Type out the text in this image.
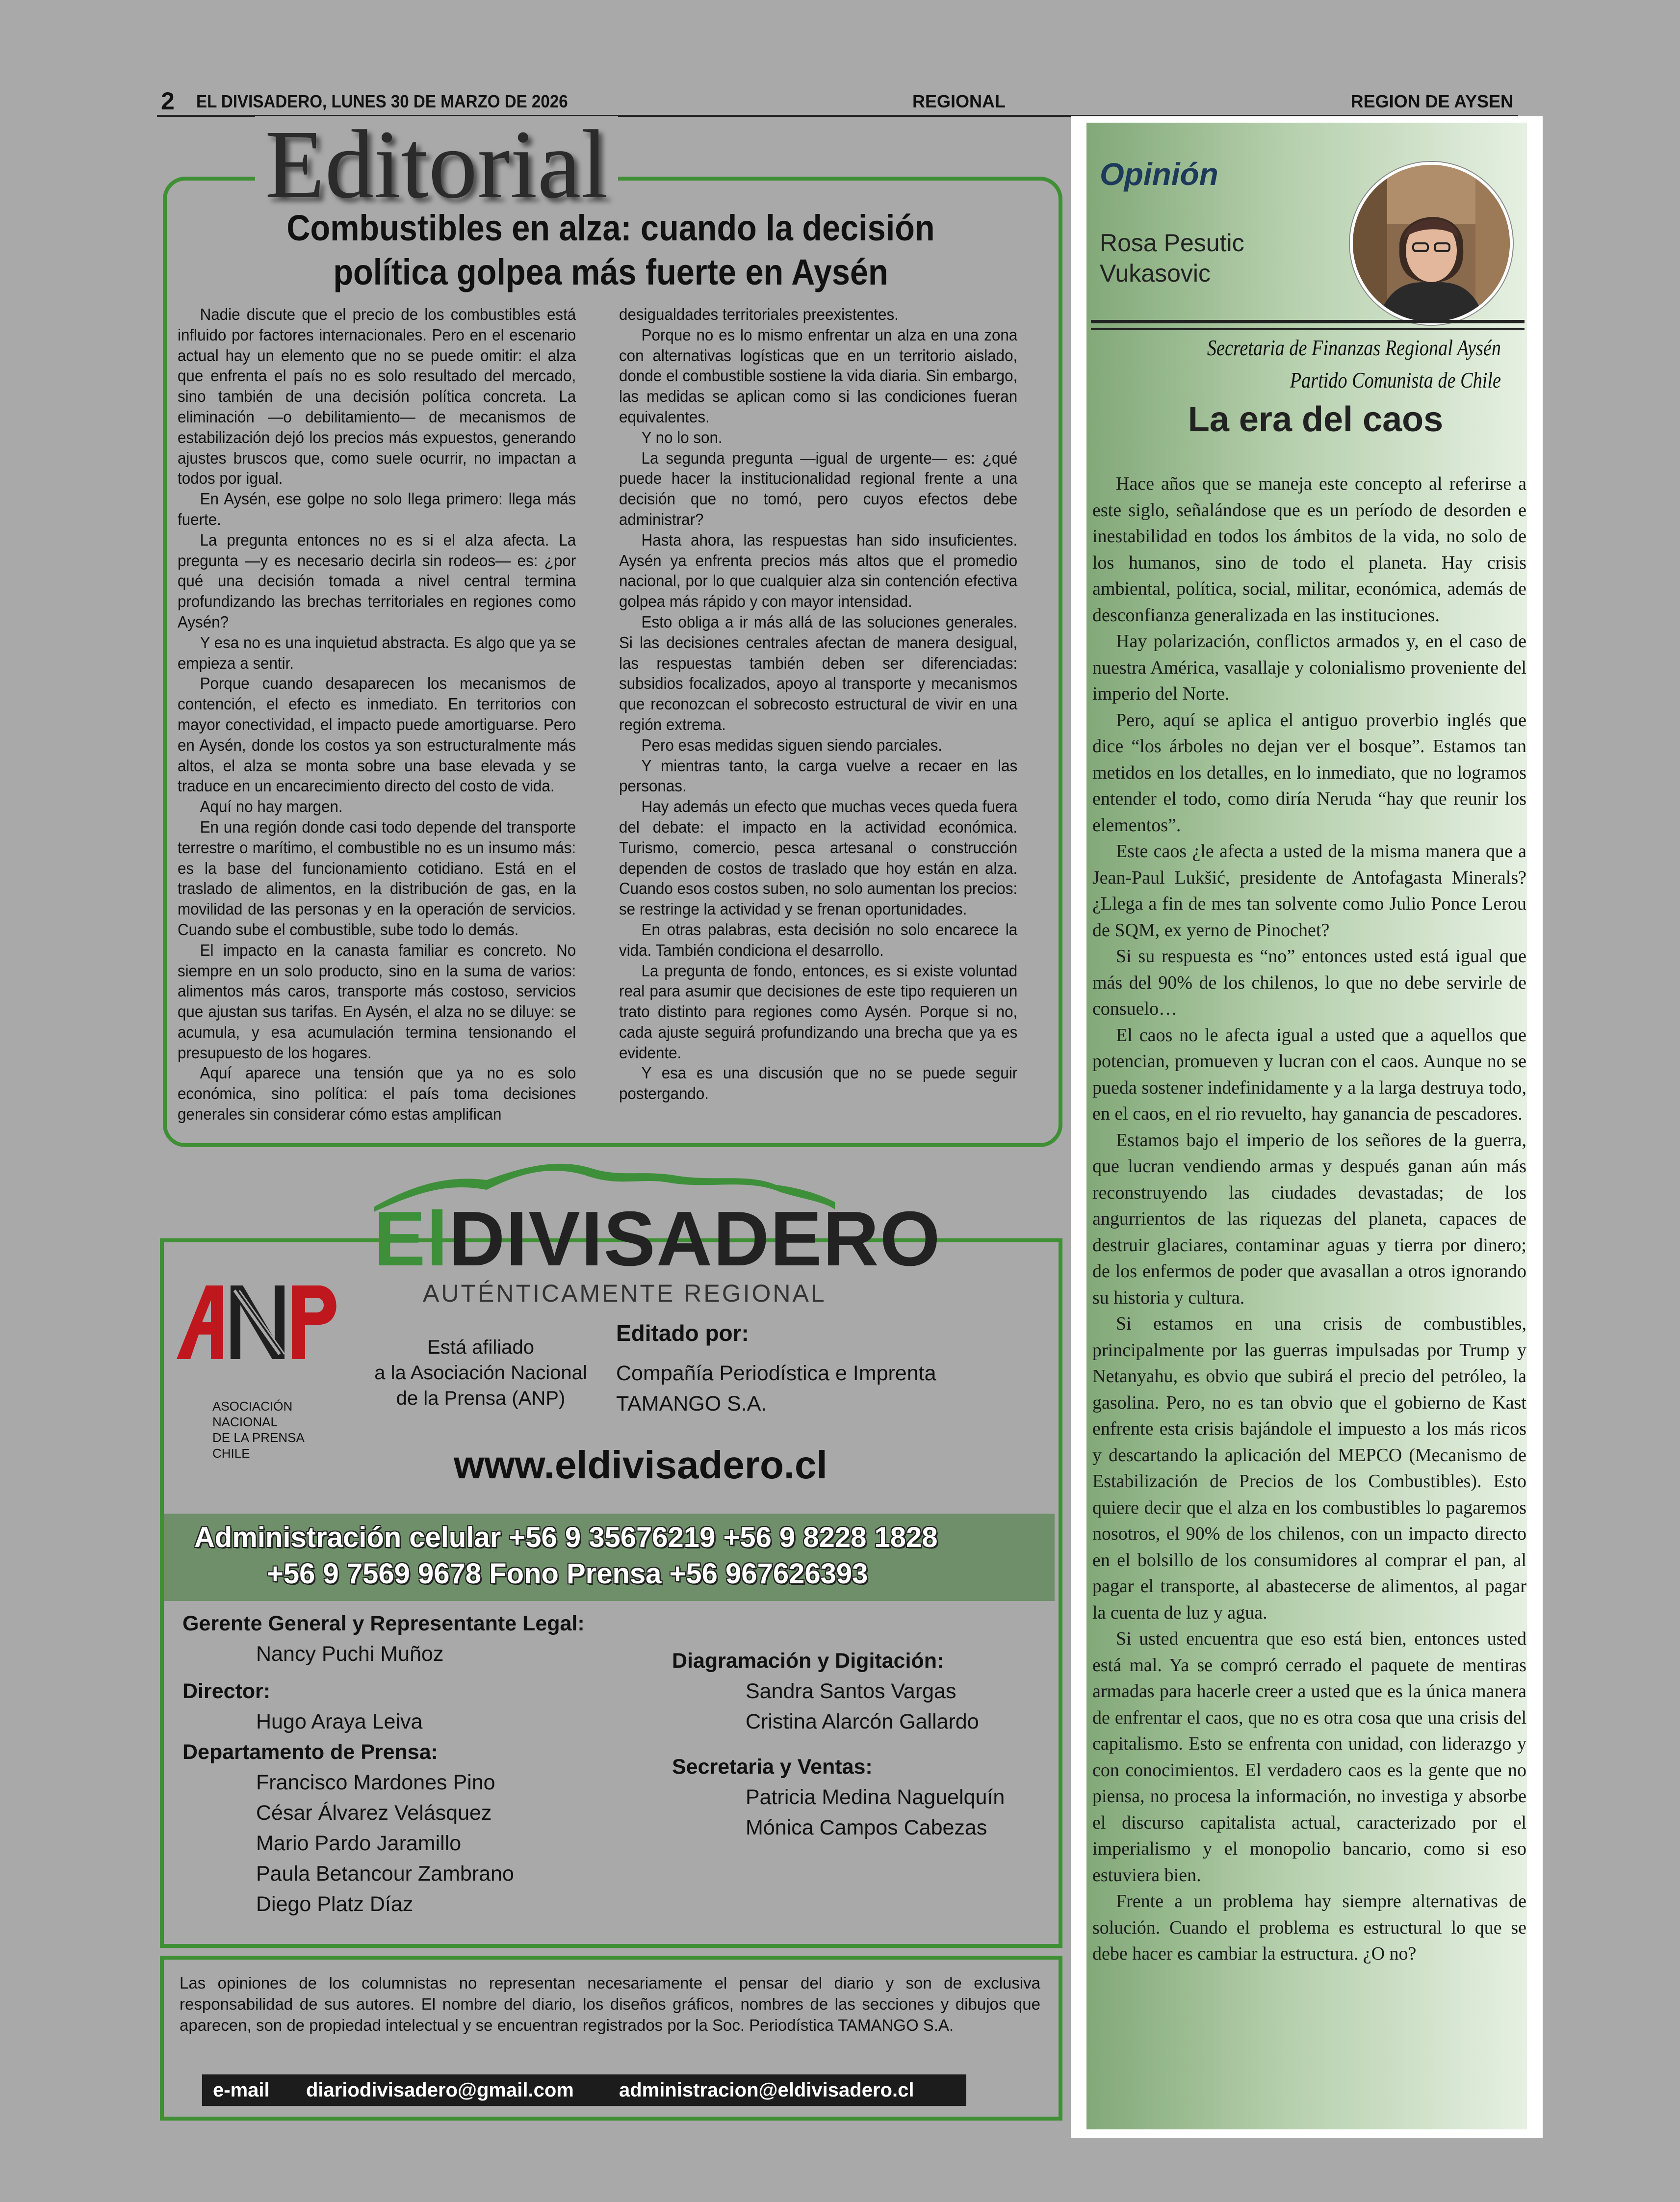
2 EL DIVISADERO, LUNES 30 DE MARZO DE 2026	REGIONAL	REGION DE AYSEN
Editorial
Combustibles en alza: cuando la decisión
política golpea más fuerte en Aysén

Nadie discute que el precio de los combustibles está influido por factores internacionales. Pero en el escenario actual hay un elemento que no se puede omitir: el alza que enfrenta el país no es solo resultado del mercado, sino también de una decisión política concreta. La eliminación —o debilitamiento— de mecanismos de estabilización dejó los precios más expuestos, generando ajustes bruscos que, como suele ocurrir, no impactan a todos por igual.

En Aysén, ese golpe no solo llega primero: llega más fuerte.

La pregunta entonces no es si el alza afecta. La pregunta —y es necesario decirla sin rodeos— es: ¿por qué una decisión tomada a nivel central termina profundizando las brechas territoriales en regiones como Aysén?

Y esa no es una inquietud abstracta. Es algo que ya se empieza a sentir.

Porque cuando desaparecen los mecanismos de contención, el efecto es inmediato. En territorios con mayor conectividad, el impacto puede amortiguarse. Pero en Aysén, donde los costos ya son estructuralmente más altos, el alza se monta sobre una base elevada y se traduce en un encarecimiento directo del costo de vida.

Aquí no hay margen.

En una región donde casi todo depende del transporte terrestre o marítimo, el combustible no es un insumo más: es la base del funcionamiento cotidiano. Está en el traslado de alimentos, en la distribución de gas, en la movilidad de las personas y en la operación de servicios. Cuando sube el combustible, sube todo lo demás.

El impacto en la canasta familiar es concreto. No siempre en un solo producto, sino en la suma de varios: alimentos más caros, transporte más costoso, servicios que ajustan sus tarifas. En Aysén, el alza no se diluye: se acumula, y esa acumulación termina tensionando el presupuesto de los hogares.

Aquí aparece una tensión que ya no es solo económica, sino política: el país toma decisiones generales sin considerar cómo estas amplifican

desigualdades territoriales preexistentes.

Porque no es lo mismo enfrentar un alza en una zona con alternativas logísticas que en un territorio aislado, donde el combustible sostiene la vida diaria. Sin embargo, las medidas se aplican como si las condiciones fueran equivalentes.

Y no lo son.

La segunda pregunta —igual de urgente— es: ¿qué puede hacer la institucionalidad regional frente a una decisión que no tomó, pero cuyos efectos debe administrar?

Hasta ahora, las respuestas han sido insuficientes. Aysén ya enfrenta precios más altos que el promedio nacional, por lo que cualquier alza sin contención efectiva golpea más rápido y con mayor intensidad.

Esto obliga a ir más allá de las soluciones generales. Si las decisiones centrales afectan de manera desigual, las respuestas también deben ser diferenciadas: subsidios focalizados, apoyo al transporte y mecanismos que reconozcan el sobrecosto estructural de vivir en una región extrema.

Pero esas medidas siguen siendo parciales.

Y mientras tanto, la carga vuelve a recaer en las personas.

Hay además un efecto que muchas veces queda fuera del debate: el impacto en la actividad económica. Turismo, comercio, pesca artesanal o construcción dependen de costos de traslado que hoy están en alza. Cuando esos costos suben, no solo aumentan los precios: se restringe la actividad y se frenan oportunidades.

En otras palabras, esta decisión no solo encarece la vida. También condiciona el desarrollo.

La pregunta de fondo, entonces, es si existe voluntad real para asumir que decisiones de este tipo requieren un trato distinto para regiones como Aysén. Porque si no, cada ajuste seguirá profundizando una brecha que ya es evidente.

Y esa es una discusión que no se puede seguir postergando.

ElDIVISADERO
AUTÉNTICAMENTE REGIONAL
ASOCIACIÓN
NACIONAL
DE LA PRENSA
CHILE
Está afiliado
a la Asociación Nacional
de la Prensa (ANP)
Editado por:
Compañía Periodística e Imprenta
TAMANGO S.A.
www.eldivisadero.cl
Administración celular +56 9 35676219 +56 9 8228 1828
+56 9 7569 9678 Fono Prensa +56 967626393
Gerente General y Representante Legal:
Nancy Puchi Muñoz
Director:
Hugo Araya Leiva
Departamento de Prensa:
Francisco Mardones Pino
César Álvarez Velásquez
Mario Pardo Jaramillo
Paula Betancour Zambrano
Diego Platz Díaz
Diagramación y Digitación:
Sandra Santos Vargas
Cristina Alarcón Gallardo
Secretaria y Ventas:
Patricia Medina Naguelquín
Mónica Campos Cabezas
Las opiniones de los columnistas no representan necesariamente el pensar del diario y son de exclusiva responsabilidad de sus autores. El nombre del diario, los diseños gráficos, nombres de las secciones y dibujos que aparecen, son de propiedad intelectual y se encuentran registrados por la Soc. Periodística TAMANGO S.A.
e-mail diariodivisadero@gmail.com administracion@eldivisadero.cl
Opinión
Rosa Pesutic
Vukasovic
Secretaria de Finanzas Regional Aysén
Partido Comunista de Chile
La era del caos

Hace años que se maneja este concepto al referirse a este siglo, señalándose que es un período de desorden e inestabilidad en todos los ámbitos de la vida, no solo de los humanos, sino de todo el planeta. Hay crisis ambiental, política, social, militar, económica, además de desconfianza generalizada en las instituciones.

Hay polarización, conflictos armados y, en el caso de nuestra América, vasallaje y colonialismo proveniente del imperio del Norte.

Pero, aquí se aplica el antiguo proverbio inglés que dice “los árboles no dejan ver el bosque”. Estamos tan metidos en los detalles, en lo inmediato, que no logramos entender el todo, como diría Neruda “hay que reunir los elementos”.

Este caos ¿le afecta a usted de la misma manera que a Jean-Paul Lukšić, presidente de Antofagasta Minerals? ¿Llega a fin de mes tan solvente como Julio Ponce Lerou de SQM, ex yerno de Pinochet?

Si su respuesta es “no” entonces usted está igual que más del 90% de los chilenos, lo que no debe servirle de consuelo…

El caos no le afecta igual a usted que a aquellos que potencian, promueven y lucran con el caos. Aunque no se pueda sostener indefinidamente y a la larga destruya todo, en el caos, en el rio revuelto, hay ganancia de pescadores.

Estamos bajo el imperio de los señores de la guerra, que lucran vendiendo armas y después ganan aún más reconstruyendo las ciudades devastadas; de los angurrientos de las riquezas del planeta, capaces de destruir glaciares, contaminar aguas y tierra por dinero; de los enfermos de poder que avasallan a otros ignorando su historia y cultura.

Si estamos en una crisis de combustibles, principalmente por las guerras impulsadas por Trump y Netanyahu, es obvio que subirá el precio del petróleo, la gasolina. Pero, no es tan obvio que el gobierno de Kast enfrente esta crisis bajándole el impuesto a los más ricos y descartando la aplicación del MEPCO (Mecanismo de Estabilización de Precios de los Combustibles). Esto quiere decir que el alza en los combustibles lo pagaremos nosotros, el 90% de los chilenos, con un impacto directo en el bolsillo de los consumidores al comprar el pan, al pagar el transporte, al abastecerse de alimentos, al pagar la cuenta de luz y agua.

Si usted encuentra que eso está bien, entonces usted está mal. Ya se compró cerrado el paquete de mentiras armadas para hacerle creer a usted que es la única manera de enfrentar el caos, que no es otra cosa que una crisis del capitalismo. Esto se enfrenta con unidad, con liderazgo y con conocimientos. El verdadero caos es la gente que no piensa, no procesa la información, no investiga y absorbe el discurso capitalista actual, caracterizado por el imperialismo y el monopolio bancario, como si eso estuviera bien.

Frente a un problema hay siempre alternativas de solución. Cuando el problema es estructural lo que se debe hacer es cambiar la estructura. ¿O no?
